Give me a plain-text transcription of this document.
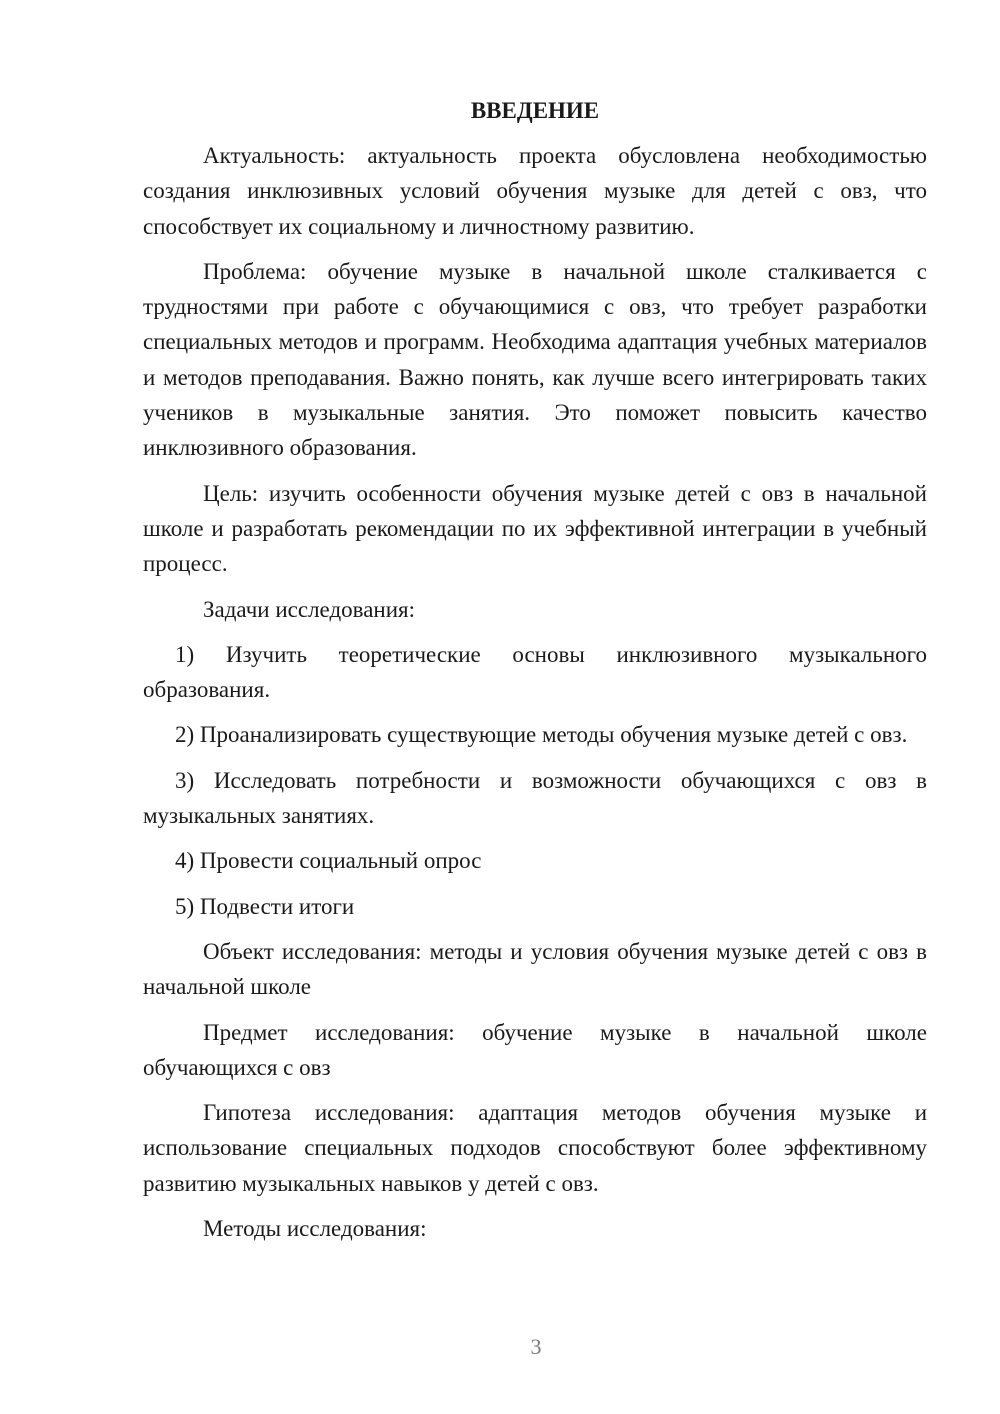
ВВЕДЕНИЕ

Актуальность: актуальность проекта обусловлена необходимостью создания инклюзивных условий обучения музыке для детей с овз, что способствует их социальному и личностному развитию.

Проблема: обучение музыке в начальной школе сталкивается с трудностями при работе с обучающимися с овз, что требует разработки специальных методов и программ. Необходима адаптация учебных материалов и методов преподавания. Важно понять, как лучше всего интегрировать таких учеников в музыкальные занятия. Это поможет повысить качество инклюзивного образования.

Цель: изучить особенности обучения музыке детей с овз в начальной школе и разработать рекомендации по их эффективной интеграции в учебный процесс.

Задачи исследования:

1) Изучить теоретические основы инклюзивного музыкального образования.

2) Проанализировать существующие методы обучения музыке детей с овз.

3) Исследовать потребности и возможности обучающихся с овз в музыкальных занятиях.

4) Провести социальный опрос

5) Подвести итоги

Объект исследования: методы и условия обучения музыке детей с овз в начальной школе

Предмет исследования: обучение музыке в начальной школе обучающихся с овз

Гипотеза исследования: адаптация методов обучения музыке и использование специальных подходов способствуют более эффективному развитию музыкальных навыков у детей с овз.

Методы исследования:

3
